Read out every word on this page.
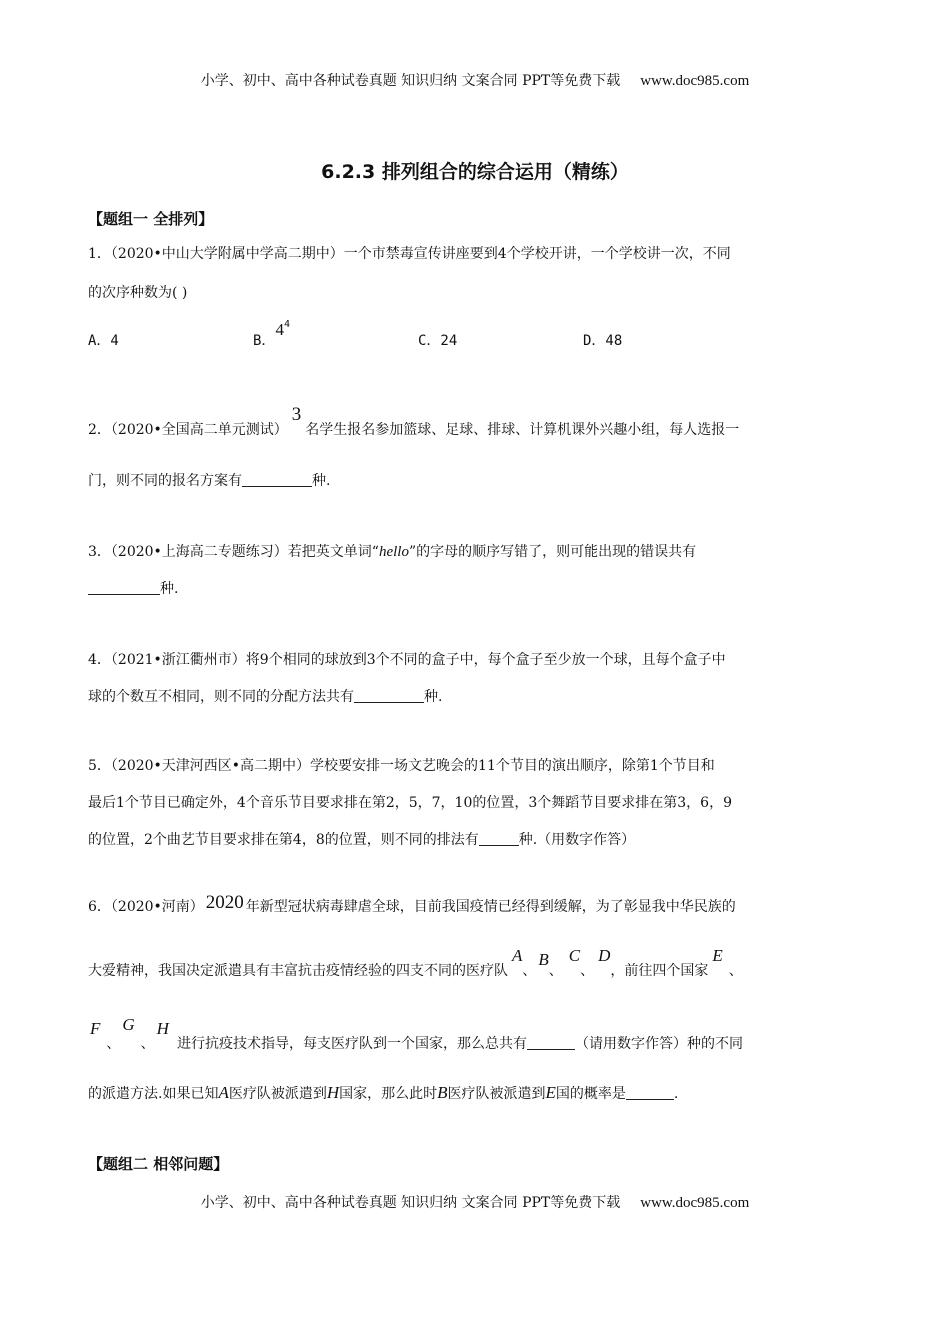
小学、初中、高中各种试卷真题 知识归纳 文案合同 PPT等免费下载 www.doc985.com
6.2.3 排列组合的综合运用（精练）
【题组一 全排列】
1．（2020•中山大学附属中学高二期中）一个市禁毒宣传讲座要到4个学校开讲，一个学校讲一次，不同
的次序种数为( )
A．4	B．$4^4$
C．24	D．48
2．（2020•全国高二单元测试）3名学生报名参加篮球、足球、排球、计算机课外兴趣小组，每人选报一
门，则不同的报名方案有	种.
3．（2020•上海高二专题练习）若把英文单词“hello”的字母的顺序写错了，则可能出现的错误共有
种.
4．（2021•浙江衢州市）将9个相同的球放到3个不同的盒子中，每个盒子至少放一个球，且每个盒子中
球的个数互不相同，则不同的分配方法共有	种.
5．（2020•天津河西区•高二期中）学校要安排一场文艺晚会的11个节目的演出顺序，除第1个节目和
最后1个节目已确定外，4个音乐节目要求排在第2，5，7，10的位置，3个舞蹈节目要求排在第3，6，9
的位置，2个曲艺节目要求排在第4，8的位置，则不同的排法有	种.（用数字作答）
6．（2020•河南） 2020 年新型冠状病毒肆虐全球，目前我国疫情已经得到缓解，为了彰显我中华民族的
大爱精神，我国决定派遣具有丰富抗击疫情经验的四支不同的医疗队A、B、C、D，前往四个国家E、
F、G、H进行抗疫技术指导，每支医疗队到一个国家，那么总共有	（请用数字作答）种的不同
的派遣方法.如果已知A医疗队被派遣到H国家，那么此时B医疗队被派遣到E国的概率是	.
【题组二 相邻问题】
小学、初中、高中各种试卷真题 知识归纳 文案合同 PPT等免费下载 www.doc985.com
